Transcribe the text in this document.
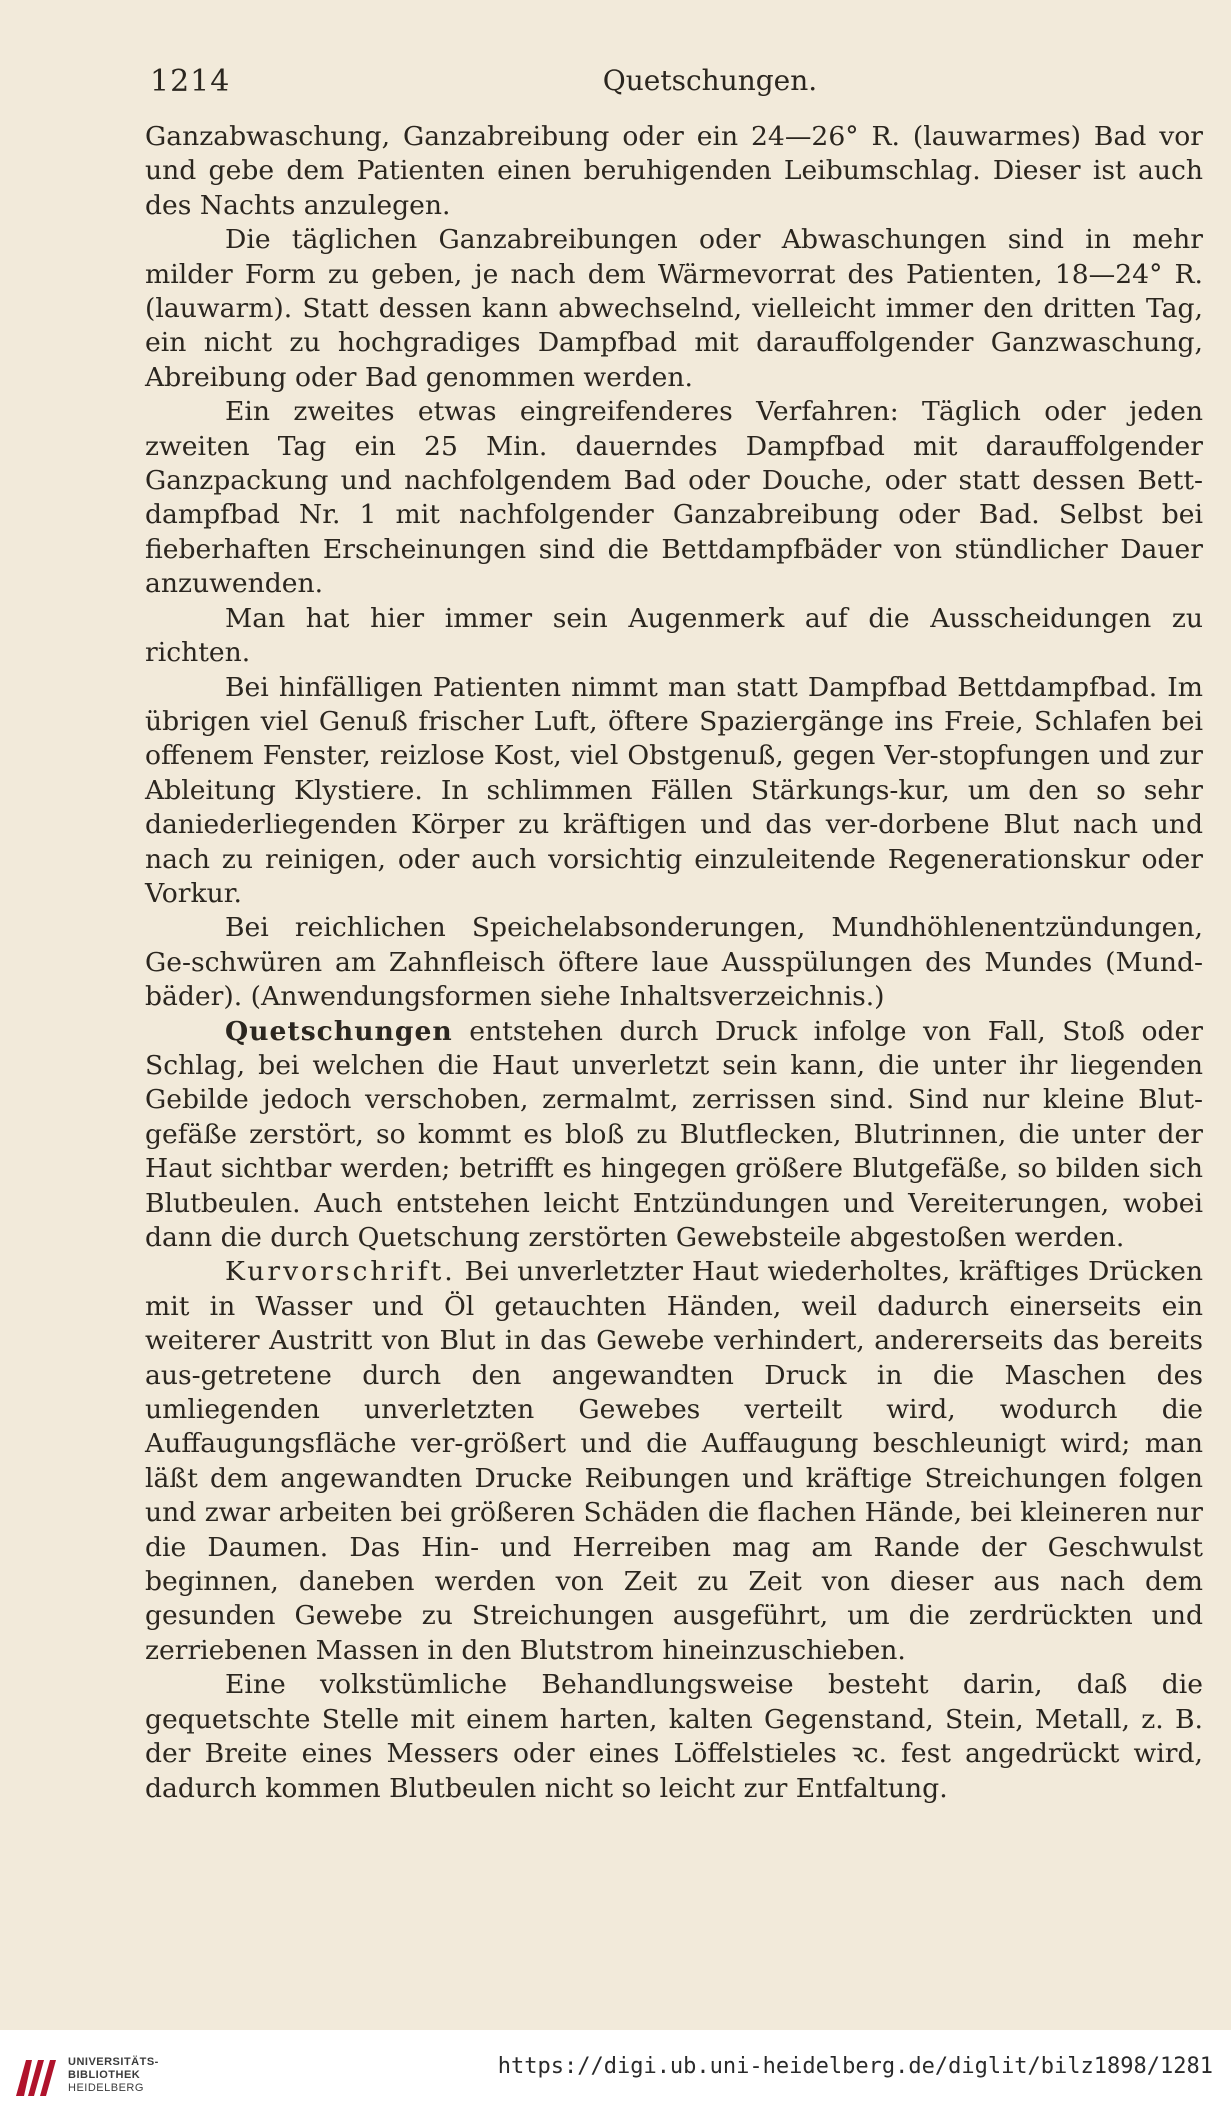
1214	Quetschungen.

Ganzabwaschung, Ganzabreibung oder ein 24—26° R. (lauwarmes) Bad vor und gebe dem Patienten einen beruhigenden Leibumschlag. Dieser ist auch des Nachts anzulegen.

Die täglichen Ganzabreibungen oder Abwaschungen sind in mehr milder Form zu geben, je nach dem Wärmevorrat des Patienten, 18—24° R. (lauwarm). Statt dessen kann abwechselnd, vielleicht immer den dritten Tag, ein nicht zu hochgradiges Dampfbad mit darauffolgender Ganzwaschung, Abreibung oder Bad genommen werden.

Ein zweites etwas eingreifenderes Verfahren: Täglich oder jeden zweiten Tag ein 25 Min. dauerndes Dampfbad mit darauffolgender Ganzpackung und nachfolgendem Bad oder Douche, oder statt dessen Bett-dampfbad Nr. 1 mit nachfolgender Ganzabreibung oder Bad. Selbst bei fieberhaften Erscheinungen sind die Bettdampfbäder von stündlicher Dauer anzuwenden.

Man hat hier immer sein Augenmerk auf die Ausscheidungen zu richten.

Bei hinfälligen Patienten nimmt man statt Dampfbad Bettdampfbad. Im übrigen viel Genuß frischer Luft, öftere Spaziergänge ins Freie, Schlafen bei offenem Fenster, reizlose Kost, viel Obstgenuß, gegen Ver-stopfungen und zur Ableitung Klystiere. In schlimmen Fällen Stärkungs-kur, um den so sehr daniederliegenden Körper zu kräftigen und das ver-dorbene Blut nach und nach zu reinigen, oder auch vorsichtig einzuleitende Regenerationskur oder Vorkur.

Bei reichlichen Speichelabsonderungen, Mundhöhlenentzündungen, Ge-schwüren am Zahnfleisch öftere laue Ausspülungen des Mundes (Mund-bäder). (Anwendungsformen siehe Inhaltsverzeichnis.)

Quetschungen entstehen durch Druck infolge von Fall, Stoß oder Schlag, bei welchen die Haut unverletzt sein kann, die unter ihr liegenden Gebilde jedoch verschoben, zermalmt, zerrissen sind. Sind nur kleine Blut-gefäße zerstört, so kommt es bloß zu Blutflecken, Blutrinnen, die unter der Haut sichtbar werden; betrifft es hingegen größere Blutgefäße, so bilden sich Blutbeulen. Auch entstehen leicht Entzündungen und Vereiterungen, wobei dann die durch Quetschung zerstörten Gewebsteile abgestoßen werden.

Kurvorschrift. Bei unverletzter Haut wiederholtes, kräftiges Drücken mit in Wasser und Öl getauchten Händen, weil dadurch einerseits ein weiterer Austritt von Blut in das Gewebe verhindert, andererseits das bereits aus-getretene durch den angewandten Druck in die Maschen des umliegenden unverletzten Gewebes verteilt wird, wodurch die Auffaugungsfläche ver-größert und die Auffaugung beschleunigt wird; man läßt dem angewandten Drucke Reibungen und kräftige Streichungen folgen und zwar arbeiten bei größeren Schäden die flachen Hände, bei kleineren nur die Daumen. Das Hin- und Herreiben mag am Rande der Geschwulst beginnen, daneben werden von Zeit zu Zeit von dieser aus nach dem gesunden Gewebe zu Streichungen ausgeführt, um die zerdrückten und zerriebenen Massen in den Blutstrom hineinzuschieben.

Eine volkstümliche Behandlungsweise besteht darin, daß die gequetschte Stelle mit einem harten, kalten Gegenstand, Stein, Metall, z. B. der Breite eines Messers oder eines Löffelstieles ꝛc. fest angedrückt wird, dadurch kommen Blutbeulen nicht so leicht zur Entfaltung.

UNIVERSITÄTS-
BIBLIOTHEK
HEIDELBERG
https://digi.ub.uni-heidelberg.de/diglit/bilz1898/1281
